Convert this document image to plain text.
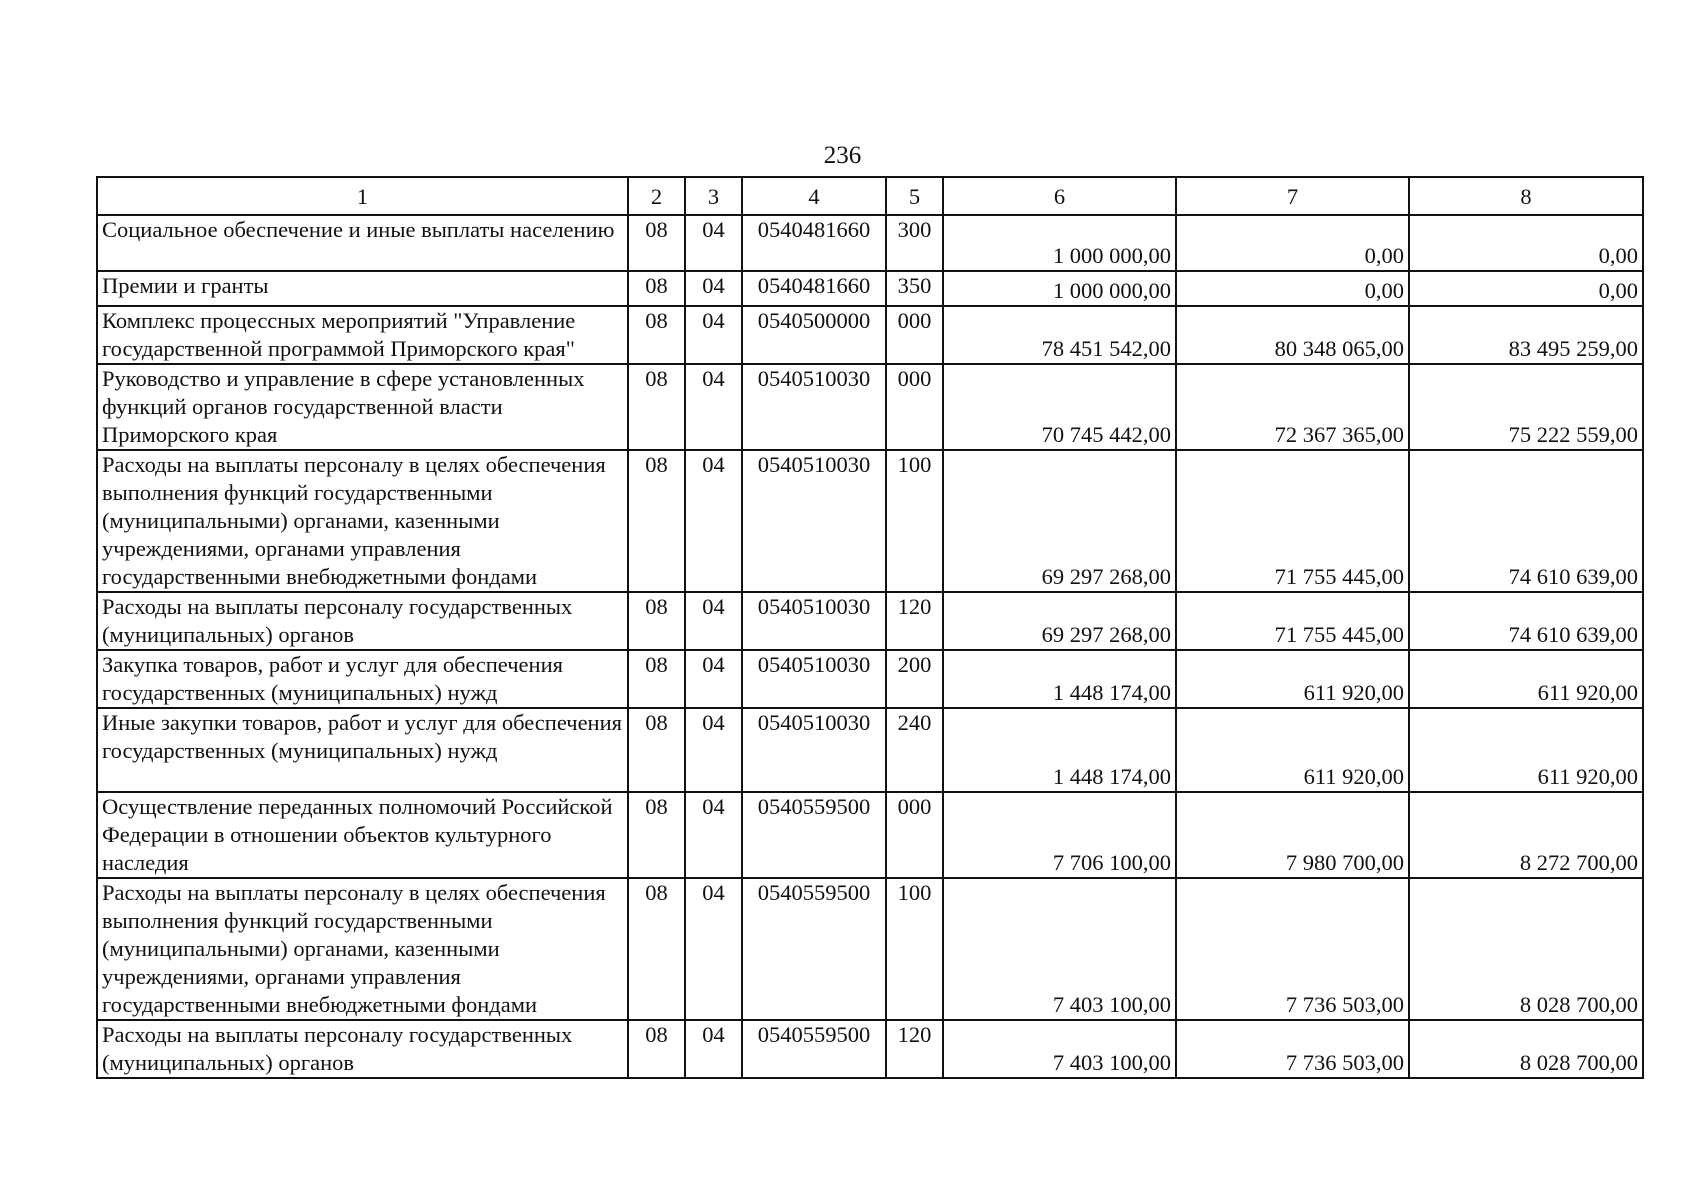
236
1	2	3	4	5	6	7	8
Социальное обеспечение и иные выплаты населению	08	04	0540481660	300	1 000 000,00	0,00	0,00
Премии и гранты	08	04	0540481660	350	1 000 000,00	0,00	0,00
Комплекс процессных мероприятий "Управление государственной программой Приморского края"	08	04	0540500000	000	78 451 542,00	80 348 065,00	83 495 259,00
Руководство и управление в сфере установленных функций органов государственной власти Приморского края	08	04	0540510030	000	70 745 442,00	72 367 365,00	75 222 559,00
Расходы на выплаты персоналу в целях обеспечения выполнения функций государственными (муниципальными) органами, казенными учреждениями, органами управления государственными внебюджетными фондами	08	04	0540510030	100	69 297 268,00	71 755 445,00	74 610 639,00
Расходы на выплаты персоналу государственных (муниципальных) органов	08	04	0540510030	120	69 297 268,00	71 755 445,00	74 610 639,00
Закупка товаров, работ и услуг для обеспечения государственных (муниципальных) нужд	08	04	0540510030	200	1 448 174,00	611 920,00	611 920,00
Иные закупки товаров, работ и услуг для обеспечения государственных (муниципальных) нужд	08	04	0540510030	240	1 448 174,00	611 920,00	611 920,00
Осуществление переданных полномочий Российской Федерации в отношении объектов культурного наследия	08	04	0540559500	000	7 706 100,00	7 980 700,00	8 272 700,00
Расходы на выплаты персоналу в целях обеспечения выполнения функций государственными (муниципальными) органами, казенными учреждениями, органами управления государственными внебюджетными фондами	08	04	0540559500	100	7 403 100,00	7 736 503,00	8 028 700,00
Расходы на выплаты персоналу государственных (муниципальных) органов	08	04	0540559500	120	7 403 100,00	7 736 503,00	8 028 700,00
